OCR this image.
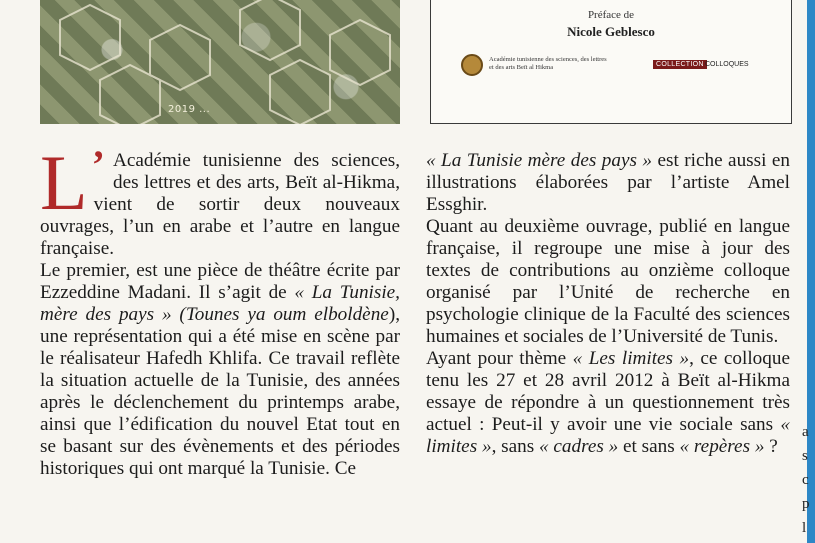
2019 ...
Préface de
Nicole Geblesco
Académie tunisienne des sciences, des lettres et des arts Beït al Hikma	COLLECTION COLLOQUES
L ’ Académie tunisienne des sciences, des lettres et des arts, Beït al-Hikma, vient de sortir deux nouveaux ouvrages, l’un en arabe et l’autre en langue française.

Le premier, est une pièce de théâtre écrite par Ezzeddine Madani. Il s’agit de « La Tunisie, mère des pays » (Tounes ya oum elboldène), une représentation qui a été mise en scène par le réalisateur Hafedh Khlifa. Ce travail reflète la situation actuelle de la Tunisie, des années après le déclenchement du printemps arabe, ainsi que l’édification du nouvel Etat tout en se basant sur des évènements et des périodes historiques qui ont marqué la Tunisie. Ce

« La Tunisie mère des pays » est riche aussi en illustrations élaborées par l’artiste Amel Essghir.

Quant au deuxième ouvrage, publié en langue française, il regroupe une mise à jour des textes de contributions au onzième colloque organisé par l’Unité de recherche en psychologie clinique de la Faculté des sciences humaines et sociales de l’Université de Tunis.

Ayant pour thème « Les limites », ce colloque tenu les 27 et 28 avril 2012 à Beït al-Hikma essaye de répondre à un questionnement très actuel : Peut-il y avoir une vie sociale sans « limites », sans « cadres » et sans « repères » ?

a
s
c
p
l
